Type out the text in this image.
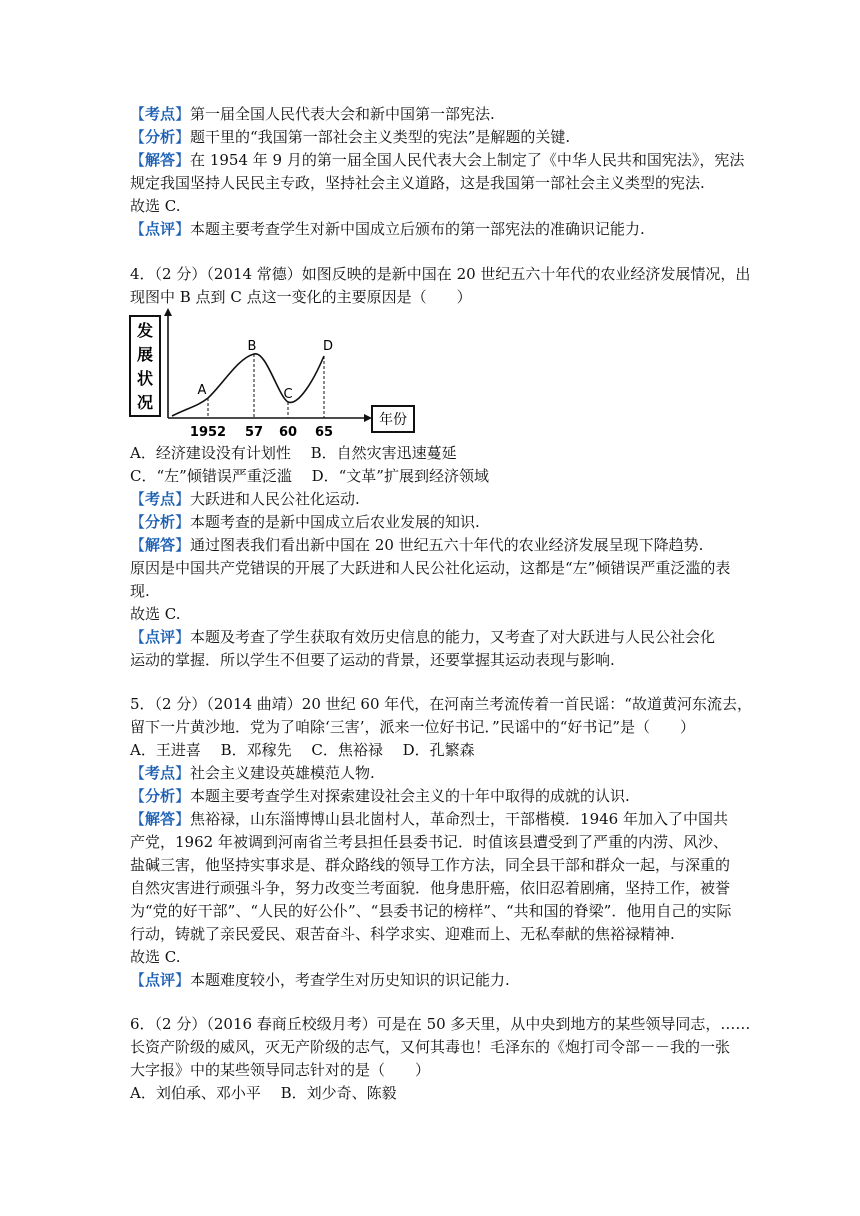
【考点】第一届全国人民代表大会和新中国第一部宪法.
【分析】题干里的“我国第一部社会主义类型的宪法”是解题的关键.
【解答】在 1954 年 9 月的第一届全国人民代表大会上制定了《中华人民共和国宪法》，宪法
规定我国坚持人民民主专政，坚持社会主义道路，这是我国第一部社会主义类型的宪法.
故选 C.
【点评】本题主要考查学生对新中国成立后颁布的第一部宪法的准确识记能力.
4．（2 分）（2014 常德）如图反映的是新中国在 20 世纪五六十年代的农业经济发展情况，出
现图中 B 点到 C 点这一变化的主要原因是（　　）
发
展
状
况
年份
A
1952
B
57
C
60
D
65
A．经济建设没有计划性　 B．自然灾害迅速蔓延
C．“左”倾错误严重泛滥　 D．“文革”扩展到经济领域
【考点】大跃进和人民公社化运动.
【分析】本题考查的是新中国成立后农业发展的知识.
【解答】通过图表我们看出新中国在 20 世纪五六十年代的农业经济发展呈现下降趋势.
原因是中国共产党错误的开展了大跃进和人民公社化运动，这都是“左”倾错误严重泛滥的表
现.
故选 C.
【点评】本题及考查了学生获取有效历史信息的能力，又考查了对大跃进与人民公社会化
运动的掌握．所以学生不但要了运动的背景，还要掌握其运动表现与影响.
5．（2 分）（2014 曲靖）20 世纪 60 年代，在河南兰考流传着一首民谣：“故道黄河东流去，
留下一片黄沙地．党为了咱除‘三害’，派来一位好书记．”民谣中的“好书记”是（　　）
A．王进喜　 B．邓稼先　 C．焦裕禄　 D．孔繁森
【考点】社会主义建设英雄模范人物.
【分析】本题主要考查学生对探索建设社会主义的十年中取得的成就的认识.
【解答】焦裕禄，山东淄博博山县北崮村人，革命烈士，干部楷模．1946 年加入了中国共
产党，1962 年被调到河南省兰考县担任县委书记．时值该县遭受到了严重的内涝、风沙、
盐碱三害，他坚持实事求是、群众路线的领导工作方法，同全县干部和群众一起，与深重的
自然灾害进行顽强斗争，努力改变兰考面貌．他身患肝癌，依旧忍着剧痛，坚持工作，被誉
为“党的好干部”、“人民的好公仆”、“县委书记的榜样”、“共和国的脊梁”．他用自己的实际
行动，铸就了亲民爱民、艰苦奋斗、科学求实、迎难而上、无私奉献的焦裕禄精神.
故选 C.
【点评】本题难度较小，考查学生对历史知识的识记能力.
6．（2 分）（2016 春商丘校级月考）可是在 50 多天里，从中央到地方的某些领导同志，……
长资产阶级的威风，灭无产阶级的志气，又何其毒也！毛泽东的《炮打司令部－－我的一张
大字报》中的某些领导同志针对的是（　　）
A．刘伯承、邓小平　 B．刘少奇、陈毅
